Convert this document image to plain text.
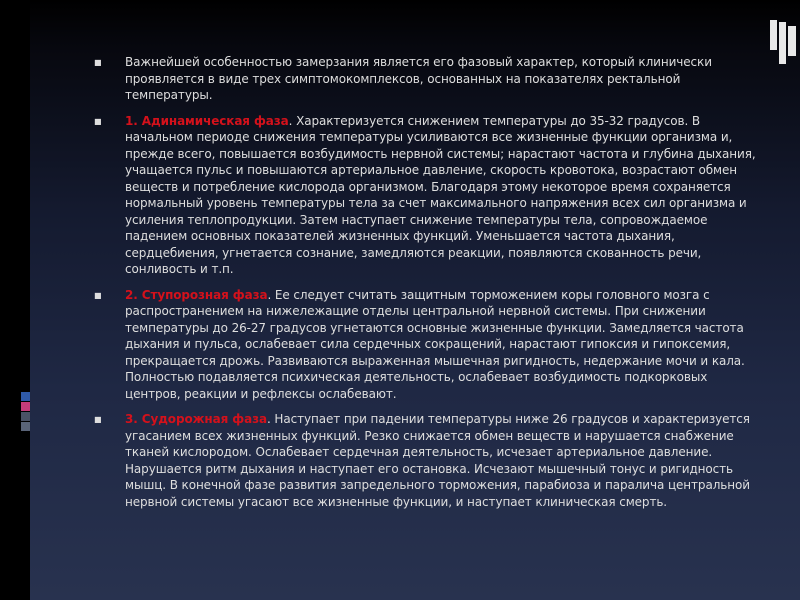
■ Важнейшей особенностью замерзания является его фазовый характер, который клинически проявляется в виде трех симптомокомплексов, основанных на показателях ректальной температуры.
■ 1. Адинамическая фаза. Характеризуется снижением температуры до 35-32 градусов. В начальном периоде снижения температуры усиливаются все жизненные функции организма и, прежде всего, повышается возбудимость нервной системы; нарастают частота и глубина дыхания, учащается пульс и повышаются артериальное давление, скорость кровотока, возрастают обмен веществ и потребление кислорода организмом. Благодаря этому некоторое время сохраняется нормальный уровень температуры тела за счет максимального напряжения всех сил организма и усиления теплопродукции. Затем наступает снижение температуры тела, сопровождаемое падением основных показателей жизненных функций. Уменьшается частота дыхания, сердцебиения, угнетается сознание, замедляются реакции, появляются скованность речи, сонливость и т.п.
■ 2. Ступорозная фаза. Ее следует считать защитным торможением коры головного мозга с распространением на нижележащие отделы центральной нервной системы. При снижении температуры до 26-27 градусов угнетаются основные жизненные функции. Замедляется частота дыхания и пульса, ослабевает сила сердечных сокращений, нарастают гипоксия и гипоксемия, прекращается дрожь. Развиваются выраженная мышечная ригидность, недержание мочи и кала. Полностью подавляется психическая деятельность, ослабевает возбудимость подкорковых центров, реакции и рефлексы ослабевают.
■ 3. Судорожная фаза. Наступает при падении температуры ниже 26 градусов и характеризуется угасанием всех жизненных функций. Резко снижается обмен веществ и нарушается снабжение тканей кислородом. Ослабевает сердечная деятельность, исчезает артериальное давление. Нарушается ритм дыхания и наступает его остановка. Исчезают мышечный тонус и ригидность мышц. В конечной фазе развития запредельного торможения, парабиоза и паралича центральной нервной системы угасают все жизненные функции, и наступает клиническая смерть.
